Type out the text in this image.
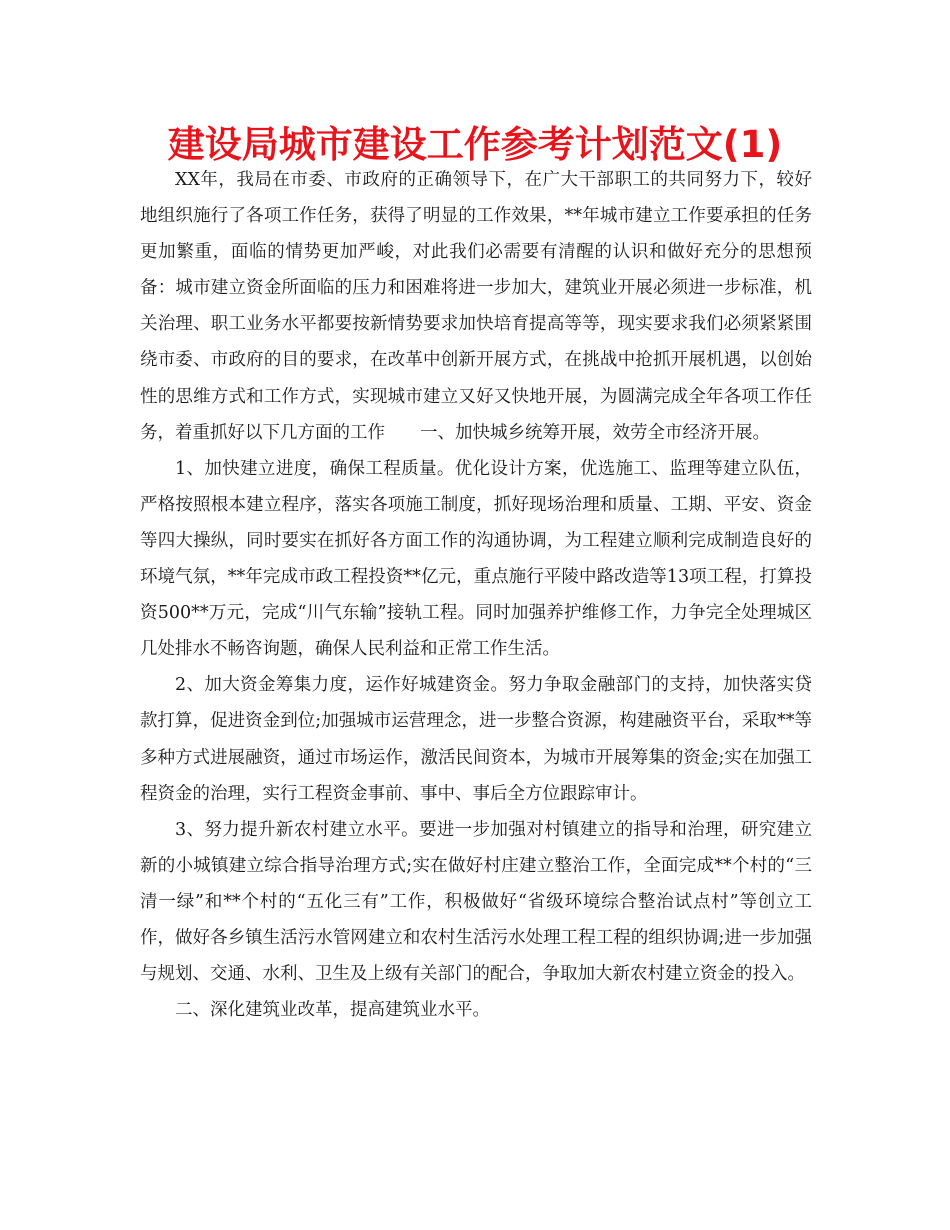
建设局城市建设工作参考计划范文(1)

XX年，我局在市委、市政府的正确领导下，在广大干部职工的共同努力下，较好地组织施行了各项工作任务，获得了明显的工作效果，**年城市建立工作要承担的任务更加繁重，面临的情势更加严峻，对此我们必需要有清醒的认识和做好充分的思想预备：城市建立资金所面临的压力和困难将进一步加大，建筑业开展必须进一步标准，机关治理、职工业务水平都要按新情势要求加快培育提高等等，现实要求我们必须紧紧围绕市委、市政府的目的要求，在改革中创新开展方式，在挑战中抢抓开展机遇，以创始性的思维方式和工作方式，实现城市建立又好又快地开展，为圆满完成全年各项工作任务，着重抓好以下几方面的工作　　一、加快城乡统筹开展，效劳全市经济开展。

1、加快建立进度，确保工程质量。优化设计方案，优选施工、监理等建立队伍，严格按照根本建立程序，落实各项施工制度，抓好现场治理和质量、工期、平安、资金等四大操纵，同时要实在抓好各方面工作的沟通协调，为工程建立顺利完成制造良好的环境气氛，**年完成市政工程投资**亿元，重点施行平陵中路改造等13项工程，打算投资500**万元，完成“川气东输”接轨工程。同时加强养护维修工作，力争完全处理城区几处排水不畅咨询题，确保人民利益和正常工作生活。

2、加大资金筹集力度，运作好城建资金。努力争取金融部门的支持，加快落实贷款打算，促进资金到位;加强城市运营理念，进一步整合资源，构建融资平台，采取**等多种方式进展融资，通过市场运作，激活民间资本，为城市开展筹集的资金;实在加强工程资金的治理，实行工程资金事前、事中、事后全方位跟踪审计。

3、努力提升新农村建立水平。要进一步加强对村镇建立的指导和治理，研究建立新的小城镇建立综合指导治理方式;实在做好村庄建立整治工作，全面完成**个村的“三清一绿”和**个村的“五化三有”工作，积极做好“省级环境综合整治试点村”等创立工作，做好各乡镇生活污水管网建立和农村生活污水处理工程工程的组织协调;进一步加强与规划、交通、水利、卫生及上级有关部门的配合，争取加大新农村建立资金的投入。

二、深化建筑业改革，提高建筑业水平。
